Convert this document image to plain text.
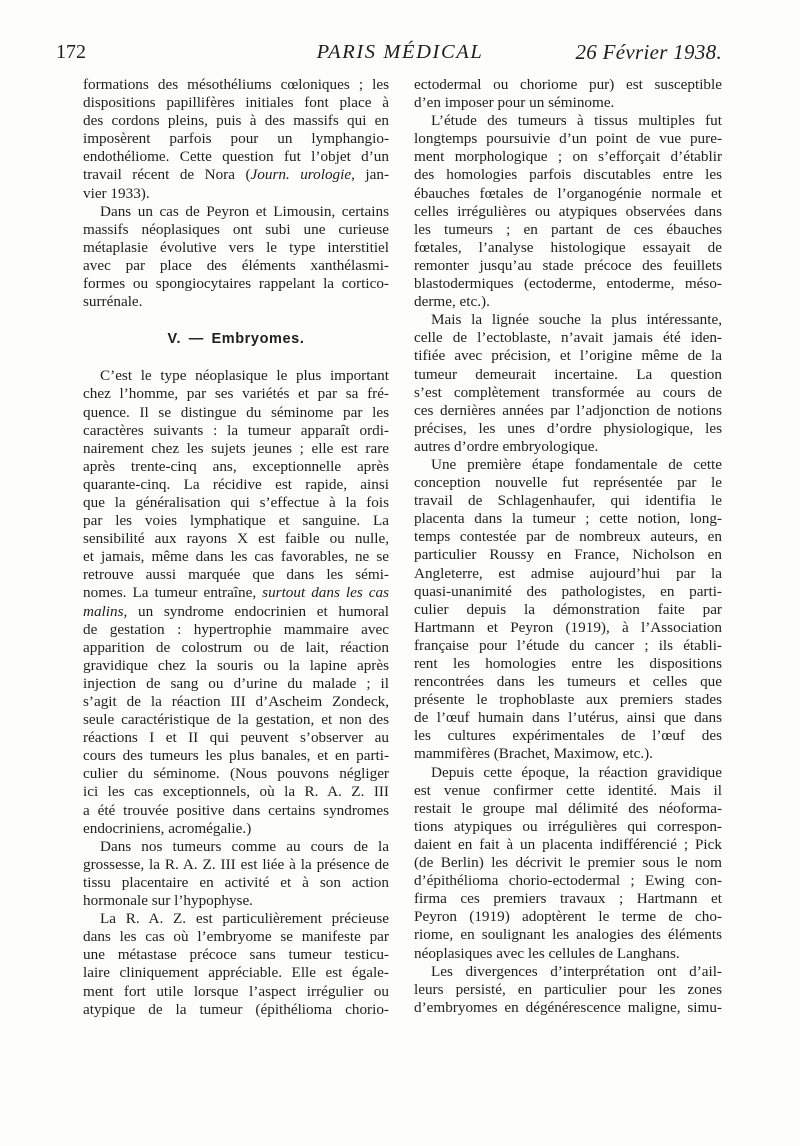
172	PARIS MÉDICAL	26 Février 1938.
formations des mésothéliums cœloniques ; les
dispositions papillifères initiales font place à
des cordons pleins, puis à des massifs qui en
imposèrent parfois pour un lymphangio-
endothéliome. Cette question fut l’objet d’un
travail récent de Nora (Journ. urologie, jan-
vier 1933).
Dans un cas de Peyron et Limousin, certains
massifs néoplasiques ont subi une curieuse
métaplasie évolutive vers le type interstitiel
avec par place des éléments xanthélasmi-
formes ou spongiocytaires rappelant la cortico-
surrénale.
V. — Embryomes.
C’est le type néoplasique le plus important
chez l’homme, par ses variétés et par sa fré-
quence. Il se distingue du séminome par les
caractères suivants : la tumeur apparaît ordi-
nairement chez les sujets jeunes ; elle est rare
après trente-cinq ans, exceptionnelle après
quarante-cinq. La récidive est rapide, ainsi
que la généralisation qui s’effectue à la fois
par les voies lymphatique et sanguine. La
sensibilité aux rayons X est faible ou nulle,
et jamais, même dans les cas favorables, ne se
retrouve aussi marquée que dans les sémi-
nomes. La tumeur entraîne, surtout dans les cas
malins, un syndrome endocrinien et humoral
de gestation : hypertrophie mammaire avec
apparition de colostrum ou de lait, réaction
gravidique chez la souris ou la lapine après
injection de sang ou d’urine du malade ; il
s’agit de la réaction III d’Ascheim Zondeck,
seule caractéristique de la gestation, et non des
réactions I et II qui peuvent s’observer au
cours des tumeurs les plus banales, et en parti-
culier du séminome. (Nous pouvons négliger
ici les cas exceptionnels, où la R. A. Z. III
a été trouvée positive dans certains syndromes
endocriniens, acromégalie.)
Dans nos tumeurs comme au cours de la
grossesse, la R. A. Z. III est liée à la présence de
tissu placentaire en activité et à son action
hormonale sur l’hypophyse.
La R. A. Z. est particulièrement précieuse
dans les cas où l’embryome se manifeste par
une métastase précoce sans tumeur testicu-
laire cliniquement appréciable. Elle est égale-
ment fort utile lorsque l’aspect irrégulier ou
atypique de la tumeur (épithélioma chorio-
ectodermal ou choriome pur) est susceptible
d’en imposer pour un séminome.
L’étude des tumeurs à tissus multiples fut
longtemps poursuivie d’un point de vue pure-
ment morphologique ; on s’efforçait d’établir
des homologies parfois discutables entre les
ébauches fœtales de l’organogénie normale et
celles irrégulières ou atypiques observées dans
les tumeurs ; en partant de ces ébauches
fœtales, l’analyse histologique essayait de
remonter jusqu’au stade précoce des feuillets
blastodermiques (ectoderme, entoderme, méso-
derme, etc.).
Mais la lignée souche la plus intéressante,
celle de l’ectoblaste, n’avait jamais été iden-
tifiée avec précision, et l’origine même de la
tumeur demeurait incertaine. La question
s’est complètement transformée au cours de
ces dernières années par l’adjonction de notions
précises, les unes d’ordre physiologique, les
autres d’ordre embryologique.
Une première étape fondamentale de cette
conception nouvelle fut représentée par le
travail de Schlagenhaufer, qui identifia le
placenta dans la tumeur ; cette notion, long-
temps contestée par de nombreux auteurs, en
particulier Roussy en France, Nicholson en
Angleterre, est admise aujourd’hui par la
quasi-unanimité des pathologistes, en parti-
culier depuis la démonstration faite par
Hartmann et Peyron (1919), à l’Association
française pour l’étude du cancer ; ils établi-
rent les homologies entre les dispositions
rencontrées dans les tumeurs et celles que
présente le trophoblaste aux premiers stades
de l’œuf humain dans l’utérus, ainsi que dans
les cultures expérimentales de l’œuf des
mammifères (Brachet, Maximow, etc.).
Depuis cette époque, la réaction gravidique
est venue confirmer cette identité. Mais il
restait le groupe mal délimité des néoforma-
tions atypiques ou irrégulières qui correspon-
daient en fait à un placenta indifférencié ; Pick
(de Berlin) les décrivit le premier sous le nom
d’épithélioma chorio-ectodermal ; Ewing con-
firma ces premiers travaux ; Hartmann et
Peyron (1919) adoptèrent le terme de cho-
riome, en soulignant les analogies des éléments
néoplasiques avec les cellules de Langhans.
Les divergences d’interprétation ont d’ail-
leurs persisté, en particulier pour les zones
d’embryomes en dégénérescence maligne, simu-
